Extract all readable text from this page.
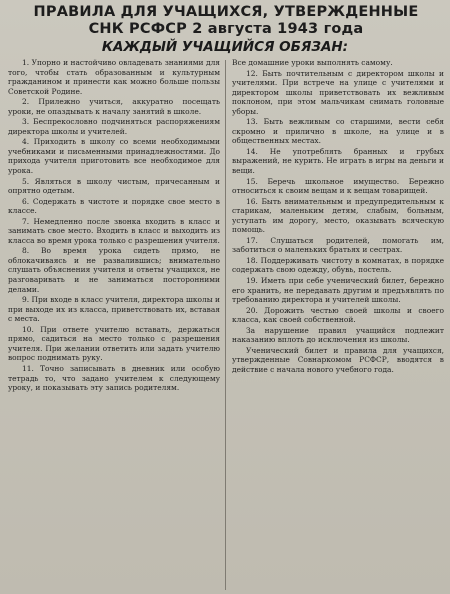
ПРАВИЛА ДЛЯ УЧАЩИХСЯ, УТВЕРЖДЕННЫЕ
СНК РСФСР 2 августа 1943 года
КАЖДЫЙ УЧАЩИЙСЯ ОБЯЗАН:

1. Упорно и настойчиво овладевать знаниями для того, чтобы стать образованным и культурным гражданином и принести как можно больше пользы Советской Родине.

2. Прилежно учиться, аккуратно посещать уроки, не опаздывать к началу занятий в школе.

3. Беспрекословно подчиняться распоряжениям директора школы и учителей.

4. Приходить в школу со всеми необходимыми учебниками и письменными принадлежностями. До прихода учителя приготовить все необходимое для урока.

5. Являться в школу чистым, причесанным и опрятно одетым.

6. Содержать в чистоте и порядке свое место в классе.

7. Немедленно после звонка входить в класс и занимать свое место. Входить в класс и выходить из класса во время урока только с разрешения учителя.

8. Во время урока сидеть прямо, не облокачиваясь и не развалившись; внимательно слушать объяснения учителя и ответы учащихся, не разговаривать и не заниматься посторонними делами.

9. При входе в класс учителя, директора школы и при выходе их из класса, приветствовать их, вставая с места.

10. При ответе учителю вставать, держаться прямо, садиться на место только с разрешения учителя. При желании ответить или задать учителю вопрос поднимать руку.

11. Точно записывать в дневник или особую тетрадь то, что задано учителем к следующему уроку, и показывать эту запись родителям.

Все домашние уроки выполнять самому.

12. Быть почтительным с директором школы и учителями. При встрече на улице с учителями и директором школы приветствовать их вежливым поклоном, при этом мальчикам снимать головные уборы.

13. Быть вежливым со старшими, вести себя скромно и прилично в школе, на улице и в общественных местах.

14. Не употреблять бранных и грубых выражений, не курить. Не играть в игры на деньги и вещи.

15. Беречь школьное имущество. Бережно относиться к своим вещам и к вещам товарищей.

16. Быть внимательным и предупредительным к старикам, маленьким детям, слабым, больным, уступать им дорогу, место, оказывать всяческую помощь.

17. Слушаться родителей, помогать им, заботиться о маленьких братьях и сестрах.

18. Поддерживать чистоту в комнатах, в порядке содержать свою одежду, обувь, постель.

19. Иметь при себе ученический билет, бережно его хранить, не передавать другим и предъявлять по требованию директора и учителей школы.

20. Дорожить честью своей школы и своего класса, как своей собственной.

За нарушение правил учащийся подлежит наказанию вплоть до исключения из школы.

Ученический билет и правила для учащихся, утвержденные Совнаркомом РСФСР, вводятся в действие с начала нового учебного года.
